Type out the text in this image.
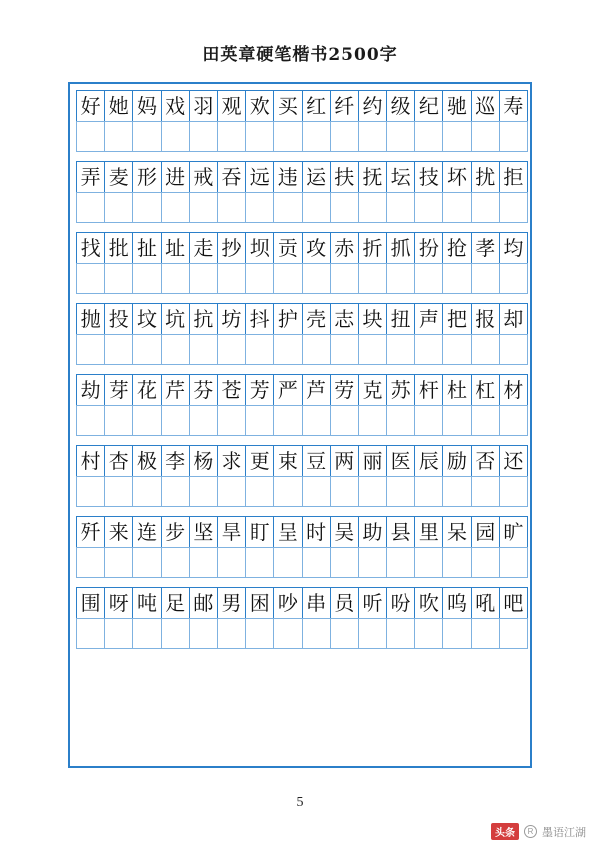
田英章硬笔楷书2500字
好 她 妈 戏 羽 观 欢 买 红 纤 约 级 纪 驰 巡 寿
弄 麦 形 进 戒 吞 远 违 运 扶 抚 坛 技 坏 扰 拒
找 批 扯 址 走 抄 坝 贡 攻 赤 折 抓 扮 抢 孝 均
抛 投 坟 坑 抗 坊 抖 护 壳 志 块 扭 声 把 报 却
劫 芽 花 芹 芬 苍 芳 严 芦 劳 克 苏 杆 杜 杠 材
村 杏 极 李 杨 求 更 束 豆 两 丽 医 辰 励 否 还
歼 来 连 步 坚 旱 盯 呈 时 吴 助 县 里 呆 园 旷
围 呀 吨 足 邮 男 困 吵 串 员 听 吩 吹 呜 吼 吧
5
头条	R 墨语江湖
